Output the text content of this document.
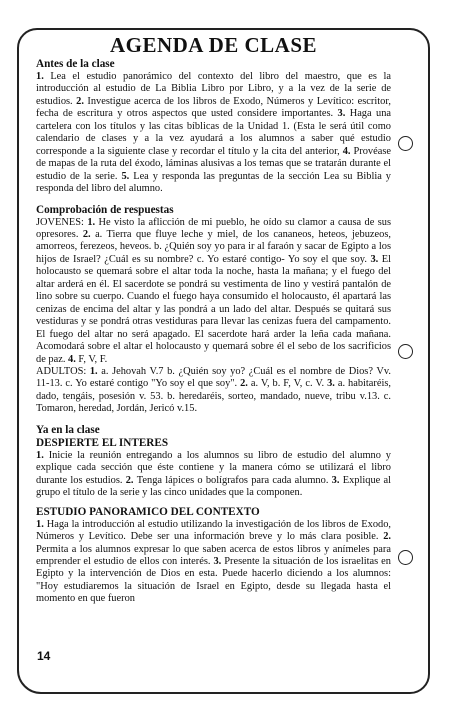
AGENDA DE CLASE
Antes de la clase

1. Lea el estudio panorámico del contexto del libro del maestro, que es la introducción al estudio de La Biblia Libro por Libro, y a la vez de la serie de estudios. 2. Investigue acerca de los libros de Exodo, Números y Levítico: escritor, fecha de escritura y otros aspectos que usted considere importantes. 3. Haga una cartelera con los títulos y las citas bíblicas de la Unidad 1. (Esta le será útil como calendario de clases y a la vez ayudará a los alumnos a saber qué estudio corresponde a la siguiente clase y recordar el título y la cita del anterior, 4. Provéase de mapas de la ruta del éxodo, láminas alusivas a los temas que se tratarán durante el estudio de la serie. 5. Lea y responda las preguntas de la sección Lea su Biblia y responda del libro del alumno.

Comprobación de respuestas

JOVENES: 1. He visto la aflicción de mi pueblo, he oído su clamor a causa de sus opresores. 2. a. Tierra que fluye leche y miel, de los cananeos, heteos, jebuzeos, amorreos, ferezeos, heveos. b. ¿Quién soy yo para ir al faraón y sacar de Egipto a los hijos de Israel? ¿Cuál es su nombre? c. Yo estaré contigo- Yo soy el que soy. 3. El holocausto se quemará sobre el altar toda la noche, hasta la mañana; y el fuego del altar arderá en él. El sacerdote se pondrá su vestimenta de lino y vestirá pantalón de lino sobre su cuerpo. Cuando el fuego haya consumido el holocausto, él apartará las cenizas de encima del altar y las pondrá a un lado del altar. Después se quitará sus vestiduras y se pondrá otras vestiduras para llevar las cenizas fuera del campamento. El fuego del altar no será apagado. El sacerdote hará arder la leña cada mañana. Acomodará sobre el altar el holocausto y quemará sobre él el sebo de los sacrificios de paz. 4. F, V, F.

ADULTOS: 1. a. Jehovah V.7 b. ¿Quién soy yo? ¿Cuál es el nombre de Dios? Vv. 11-13. c. Yo estaré contigo "Yo soy el que soy". 2. a. V, b. F, V, c. V. 3. a. habitaréis, dado, tengáis, posesión v. 53. b. heredaréis, sorteo, mandado, nueve, tribu v.13. c. Tomaron, heredad, Jordán, Jericó v.15.

Ya en la clase
DESPIERTE EL INTERES

1. Inicie la reunión entregando a los alumnos su libro de estudio del alumno y explique cada sección que éste contiene y la manera cómo se utilizará el libro durante los estudios. 2. Tenga lápices o bolígrafos para cada alumno. 3. Explique al grupo el título de la serie y las cinco unidades que la componen.

ESTUDIO PANORAMICO DEL CONTEXTO

1. Haga la introducción al estudio utilizando la investigación de los libros de Exodo, Números y Levítico. Debe ser una información breve y lo más clara posible. 2. Permita a los alumnos expresar lo que saben acerca de estos libros y anímeles para emprender el estudio de ellos con interés. 3. Presente la situación de los israelitas en Egipto y la intervención de Dios en esta. Puede hacerlo diciendo a los alumnos: "Hoy estudiaremos la situación de Israel en Egipto, desde su llegada hasta el momento en que fueron

14
